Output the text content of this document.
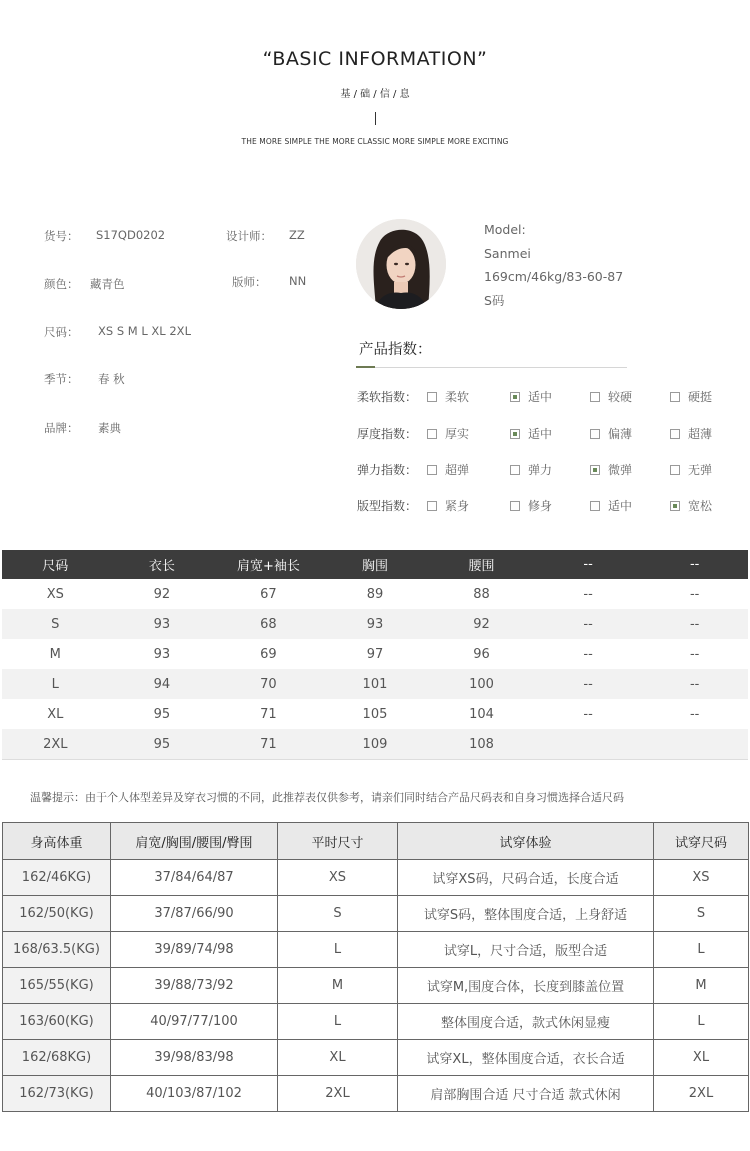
“BASIC INFORMATION”
基 / 础 / 信 / 息
THE MORE SIMPLE THE MORE CLASSIC MORE SIMPLE MORE EXCITING
货号： S17QD0202	设计师： ZZ
颜色： 藏青色	版师： NN
尺码： XS S M L XL 2XL
季节： 春 秋
品牌： 素典
Model:
Sanmei
169cm/46kg/83-60-87
S码
产品指数：
柔软指数： 柔软	适中	较硬	硬挺
厚度指数： 厚实	适中	偏薄	超薄
弹力指数： 超弹	弹力	微弹	无弹
版型指数： 紧身	修身	适中	宽松
尺码	衣长	肩宽+袖长	胸围	腰围	--	--
XS	92	67	89	88	--	--
S	93	68	93	92	--	--
M	93	69	97	96	--	--
L	94	70	101	100	--	--
XL	95	71	105	104	--	--
2XL	95	71	109	108		
温馨提示：由于个人体型差异及穿衣习惯的不同，此推荐表仅供参考，请亲们同时结合产品尺码表和自身习惯选择合适尺码
身高体重	肩宽/胸围/腰围/臀围	平时尺寸	试穿体验	试穿尺码
162/46KG)	37/84/64/87	XS	试穿XS码，尺码合适，长度合适	XS
162/50(KG)	37/87/66/90	S	试穿S码，整体围度合适，上身舒适	S
168/63.5(KG)	39/89/74/98	L	试穿L，尺寸合适，版型合适	L
165/55(KG)	39/88/73/92	M	试穿M,围度合体，长度到膝盖位置	M
163/60(KG)	40/97/77/100	L	整体围度合适，款式休闲显瘦	L
162/68KG)	39/98/83/98	XL	试穿XL，整体围度合适，衣长合适	XL
162/73(KG)	40/103/87/102	2XL	肩部胸围合适 尺寸合适 款式休闲	2XL
